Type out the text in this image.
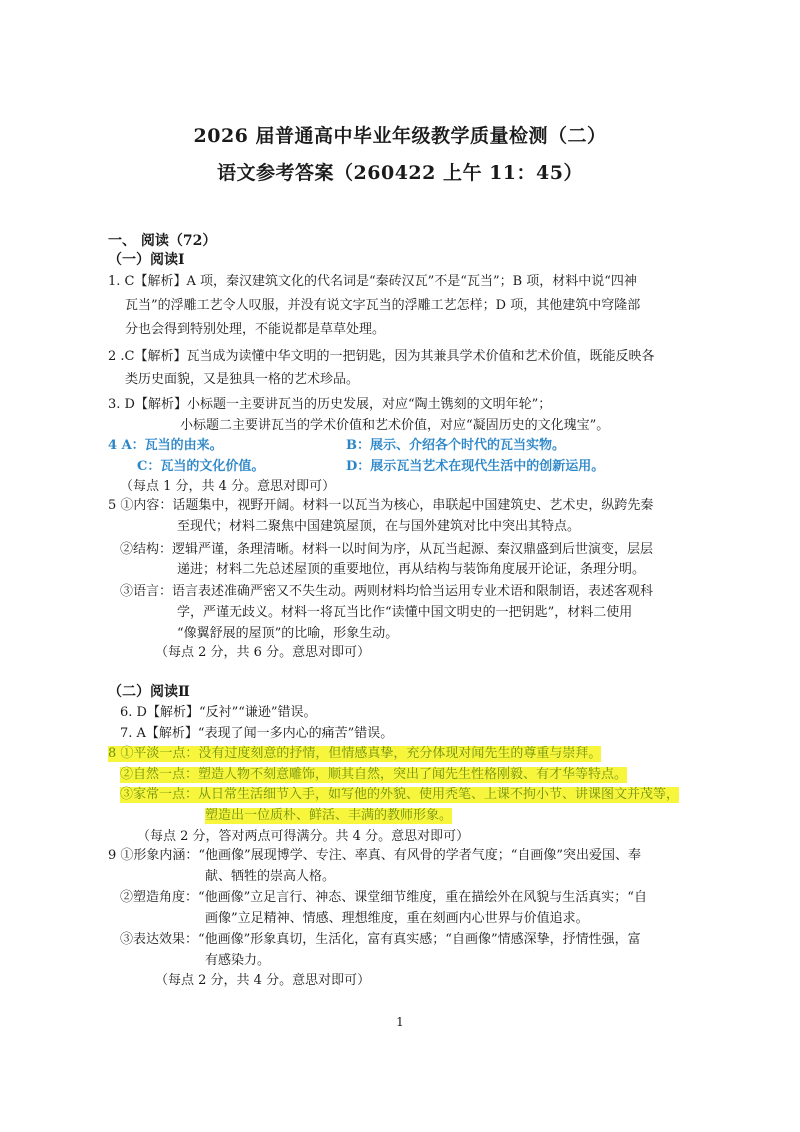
2026 届普通高中毕业年级教学质量检测（二）
语文参考答案（260422 上午 11：45）
一、 阅读（72）
（一）阅读Ⅰ
1. C【解析】A 项，秦汉建筑文化的代名词是“秦砖汉瓦”不是“瓦当”；B 项，材料中说“四神
瓦当”的浮雕工艺令人叹服，并没有说文字瓦当的浮雕工艺怎样；D 项，其他建筑中穹隆部
分也会得到特别处理，不能说都是草草处理。
2 .C【解析】瓦当成为读懂中华文明的一把钥匙，因为其兼具学术价值和艺术价值，既能反映各
类历史面貌，又是独具一格的艺术珍品。
3. D【解析】小标题一主要讲瓦当的历史发展，对应“陶土镌刻的文明年轮”；
小标题二主要讲瓦当的学术价值和艺术价值，对应“凝固历史的文化瑰宝”。
4 A：瓦当的由来。	B：展示、介绍各个时代的瓦当实物。
C：瓦当的文化价值。	D：展示瓦当艺术在现代生活中的创新运用。
（每点 1 分，共 4 分。意思对即可）
5 ①内容：话题集中，视野开阔。材料一以瓦当为核心，串联起中国建筑史、艺术史，纵跨先秦
至现代；材料二聚焦中国建筑屋顶，在与国外建筑对比中突出其特点。
②结构：逻辑严谨，条理清晰。材料一以时间为序，从瓦当起源、秦汉鼎盛到后世演变，层层
递进；材料二先总述屋顶的重要地位，再从结构与装饰角度展开论证，条理分明。
③语言：语言表述准确严密又不失生动。两则材料均恰当运用专业术语和限制语，表述客观科
学，严谨无歧义。材料一将瓦当比作“读懂中国文明史的一把钥匙”，材料二使用
“像翼舒展的屋顶”的比喻，形象生动。
（每点 2 分，共 6 分。意思对即可）
（二）阅读Ⅱ
6. D【解析】“反衬”“谦逊”错误。
7. A【解析】“表现了闻一多内心的痛苦”错误。
8 ①平淡一点：没有过度刻意的抒情，但情感真挚，充分体现对闻先生的尊重与崇拜。
②自然一点：塑造人物不刻意雕饰，顺其自然，突出了闻先生性格刚毅、有才华等特点。
③家常一点：从日常生活细节入手，如写他的外貌、使用秃笔、上课不拘小节、讲课图文并茂等，
塑造出一位质朴、鲜活、丰满的教师形象。
（每点 2 分，答对两点可得满分。共 4 分。意思对即可）
9 ①形象内涵：“他画像”展现博学、专注、率真、有风骨的学者气度；“自画像”突出爱国、奉
献、牺牲的崇高人格。
②塑造角度：“他画像”立足言行、神态、课堂细节维度，重在描绘外在风貌与生活真实；“自
画像”立足精神、情感、理想维度，重在刻画内心世界与价值追求。
③表达效果：“他画像”形象真切，生活化，富有真实感；“自画像”情感深挚，抒情性强，富
有感染力。
（每点 2 分，共 4 分。意思对即可）
1
